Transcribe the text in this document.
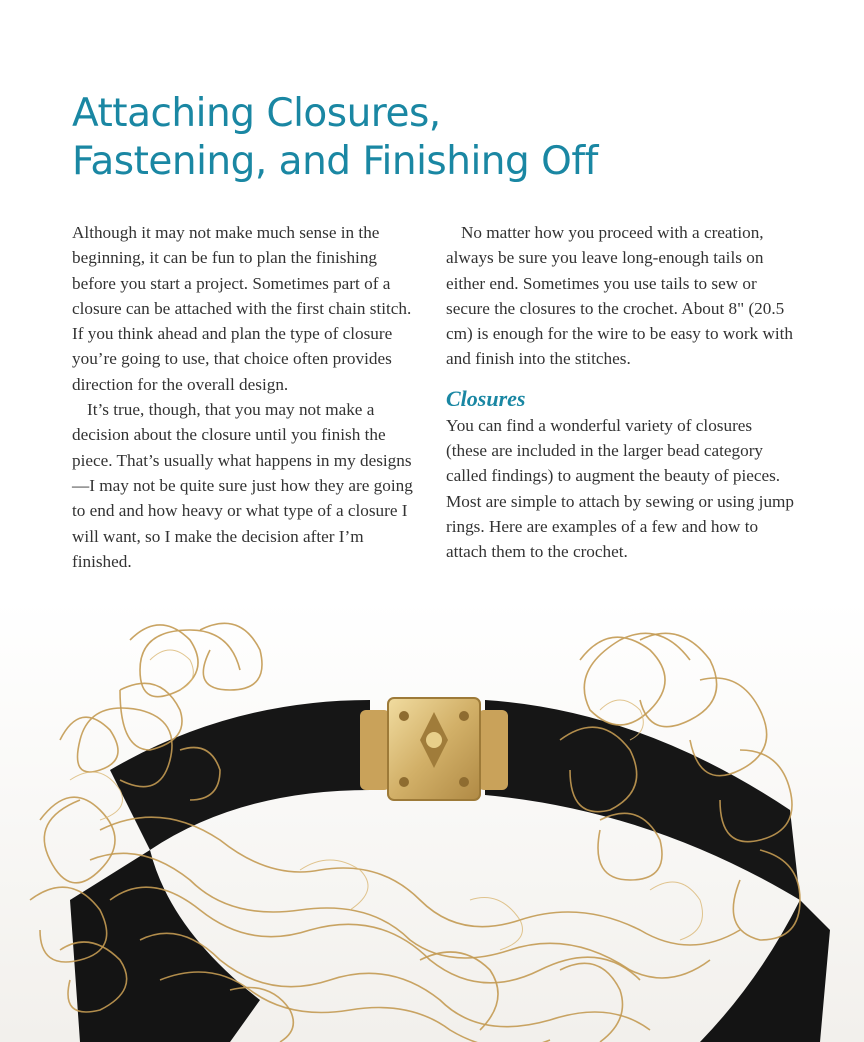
Attaching Closures,
Fastening, and Finishing Off

Although it may not make much sense in the beginning, it can be fun to plan the finishing before you start a project. Sometimes part of a closure can be attached with the first chain stitch. If you think ahead and plan the type of closure you’re going to use, that choice often provides direction for the overall design.

It’s true, though, that you may not make a decision about the closure until you finish the piece. That’s usually what happens in my designs—I may not be quite sure just how they are going to end and how heavy or what type of a closure I will want, so I make the decision after I’m finished.

No matter how you proceed with a creation, always be sure you leave long-enough tails on either end. Sometimes you use tails to sew or secure the closures to the crochet. About 8" (20.5 cm) is enough for the wire to be easy to work with and finish into the stitches.

Closures

You can find a wonderful variety of closures (these are included in the larger bead category called findings) to augment the beauty of pieces. Most are simple to attach by sewing or using jump rings. Here are examples of a few and how to attach them to the crochet.
